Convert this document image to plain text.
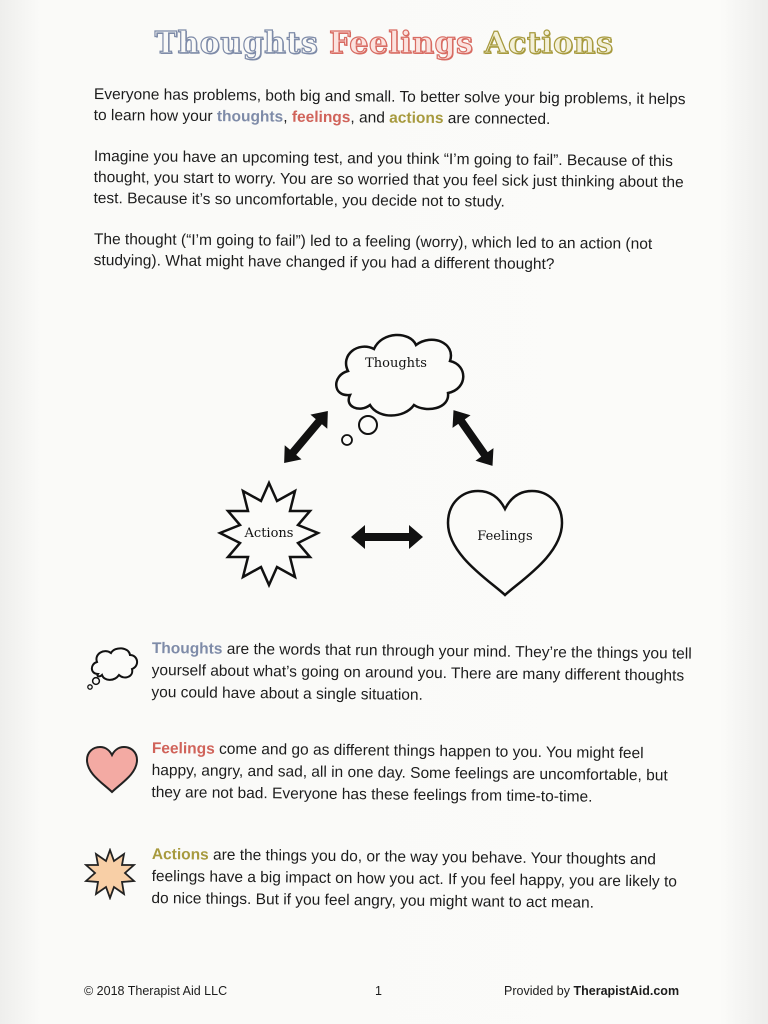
Thoughts Feelings Actions

Everyone has problems, both big and small. To better solve your big problems, it helps to learn how your thoughts, feelings, and actions are connected.

Imagine you have an upcoming test, and you think “I’m going to fail”. Because of this thought, you start to worry. You are so worried that you feel sick just thinking about the test. Because it’s so uncomfortable, you decide not to study.

The thought (“I’m going to fail”) led to a feeling (worry), which led to an action (not studying). What might have changed if you had a different thought?

Thoughts
Actions	Feelings
Thoughts are the words that run through your mind. They’re the things you tell yourself about what’s going on around you. There are many different thoughts you could have about a single situation.
Feelings come and go as different things happen to you. You might feel happy, angry, and sad, all in one day. Some feelings are uncomfortable, but they are not bad. Everyone has these feelings from time-to-time.
Actions are the things you do, or the way you behave. Your thoughts and feelings have a big impact on how you act. If you feel happy, you are likely to do nice things. But if you feel angry, you might want to act mean.
© 2018 Therapist Aid LLC	1	Provided by TherapistAid.com
